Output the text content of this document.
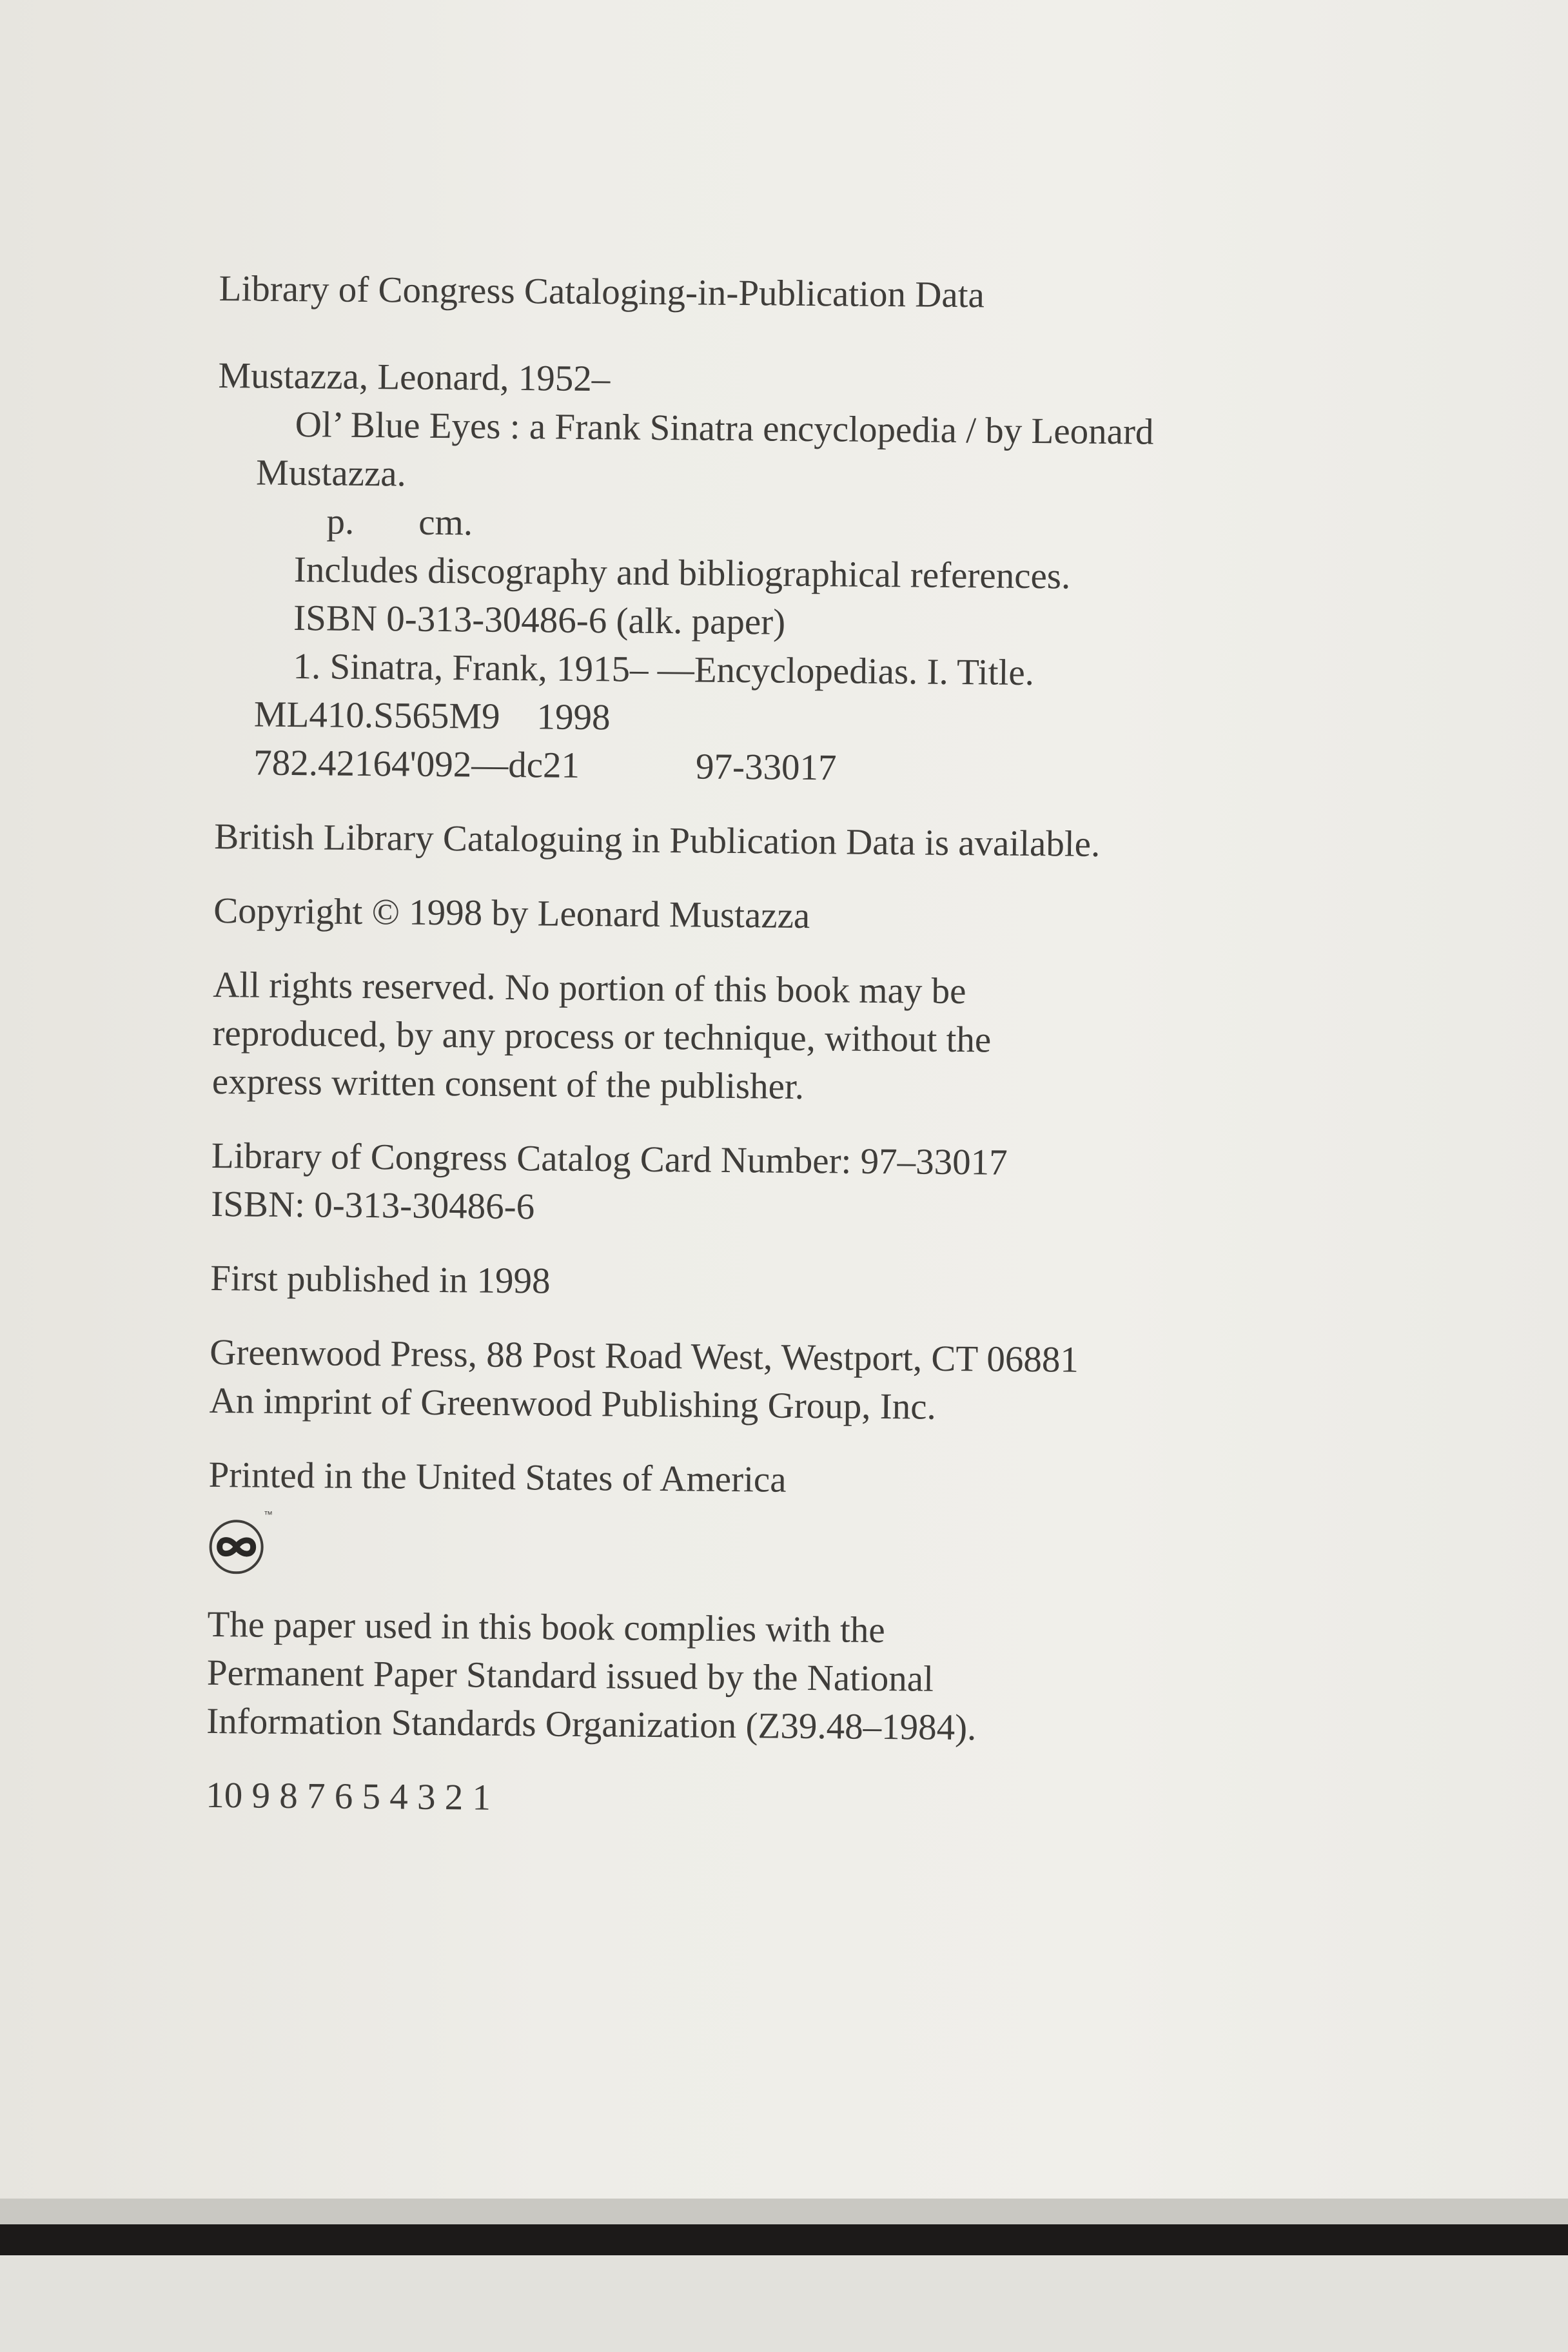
Library of Congress Cataloging-in-Publication Data
Mustazza, Leonard, 1952–
Ol’ Blue Eyes : a Frank Sinatra encyclopedia / by Leonard
Mustazza.
p. cm.
Includes discography and bibliographical references.
ISBN 0-313-30486-6 (alk. paper)
1. Sinatra, Frank, 1915– —Encyclopedias. I. Title.
ML410.S565M9 1998
782.42164'092—dc21	97-33017
British Library Cataloguing in Publication Data is available.
Copyright © 1998 by Leonard Mustazza
All rights reserved. No portion of this book may be
reproduced, by any process or technique, without the
express written consent of the publisher.
Library of Congress Catalog Card Number: 97–33017
ISBN: 0-313-30486-6
First published in 1998
Greenwood Press, 88 Post Road West, Westport, CT 06881
An imprint of Greenwood Publishing Group, Inc.
Printed in the United States of America
™
The paper used in this book complies with the
Permanent Paper Standard issued by the National
Information Standards Organization (Z39.48–1984).
10 9 8 7 6 5 4 3 2 1
